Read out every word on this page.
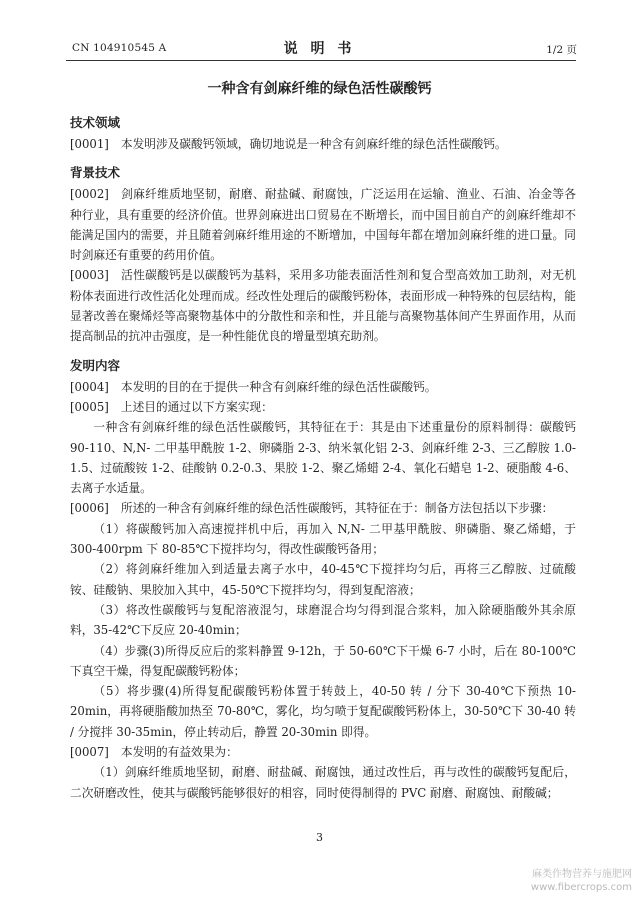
CN 104910545 A	说 明 书	1/2 页
一种含有剑麻纤维的绿色活性碳酸钙
技术领域
[0001] 本发明涉及碳酸钙领域，确切地说是一种含有剑麻纤维的绿色活性碳酸钙。
背景技术
[0002] 剑麻纤维质地坚韧，耐磨、耐盐碱、耐腐蚀，广泛运用在运输、渔业、石油、冶金等各种行业，具有重要的经济价值。世界剑麻进出口贸易在不断增长，而中国目前自产的剑麻纤维却不能满足国内的需要，并且随着剑麻纤维用途的不断增加，中国每年都在增加剑麻纤维的进口量。同时剑麻还有重要的药用价值。
[0003] 活性碳酸钙是以碳酸钙为基料，采用多功能表面活性剂和复合型高效加工助剂，对无机粉体表面进行改性活化处理而成。经改性处理后的碳酸钙粉体，表面形成一种特殊的包层结构，能显著改善在聚烯烃等高聚物基体中的分散性和亲和性，并且能与高聚物基体间产生界面作用，从而提高制品的抗冲击强度，是一种性能优良的增量型填充助剂。
发明内容
[0004] 本发明的目的在于提供一种含有剑麻纤维的绿色活性碳酸钙。
[0005] 上述目的通过以下方案实现：
一种含有剑麻纤维的绿色活性碳酸钙，其特征在于：其是由下述重量份的原料制得：碳酸钙 90-110、N,N- 二甲基甲酰胺 1-2、卵磷脂 2-3、纳米氧化铝 2-3、剑麻纤维 2-3、三乙醇胺 1.0-1.5、过硫酸铵 1-2、硅酸钠 0.2-0.3、果胶 1-2、聚乙烯蜡 2-4、氧化石蜡皂 1-2、硬脂酸 4-6、去离子水适量。
[0006] 所述的一种含有剑麻纤维的绿色活性碳酸钙，其特征在于：制备方法包括以下步骤：
（1）将碳酸钙加入高速搅拌机中后，再加入 N,N- 二甲基甲酰胺、卵磷脂、聚乙烯蜡，于 300-400rpm 下 80-85℃下搅拌均匀，得改性碳酸钙备用；
（2）将剑麻纤维加入到适量去离子水中，40-45℃下搅拌均匀后，再将三乙醇胺、过硫酸铵、硅酸钠、果胶加入其中，45-50℃下搅拌均匀，得到复配溶液；
（3）将改性碳酸钙与复配溶液混匀，球磨混合均匀得到混合浆料，加入除硬脂酸外其余原料，35-42℃下反应 20-40min；
（4）步骤(3)所得反应后的浆料静置 9-12h，于 50-60℃下干燥 6-7 小时，后在 80-100℃下真空干燥，得复配碳酸钙粉体；
（5）将步骤(4)所得复配碳酸钙粉体置于转鼓上，40-50 转 / 分下 30-40℃下预热 10-20min，再将硬脂酸加热至 70-80℃，雾化，均匀喷于复配碳酸钙粉体上，30-50℃下 30-40 转 / 分搅拌 30-35min，停止转动后，静置 20-30min 即得。
[0007] 本发明的有益效果为：
（1）剑麻纤维质地坚韧，耐磨、耐盐碱、耐腐蚀，通过改性后，再与改性的碳酸钙复配后，二次研磨改性，使其与碳酸钙能够很好的相容，同时使得制得的 PVC 耐磨、耐腐蚀、耐酸碱；
3
麻类作物营养与施肥网
www.fibercrops.com
